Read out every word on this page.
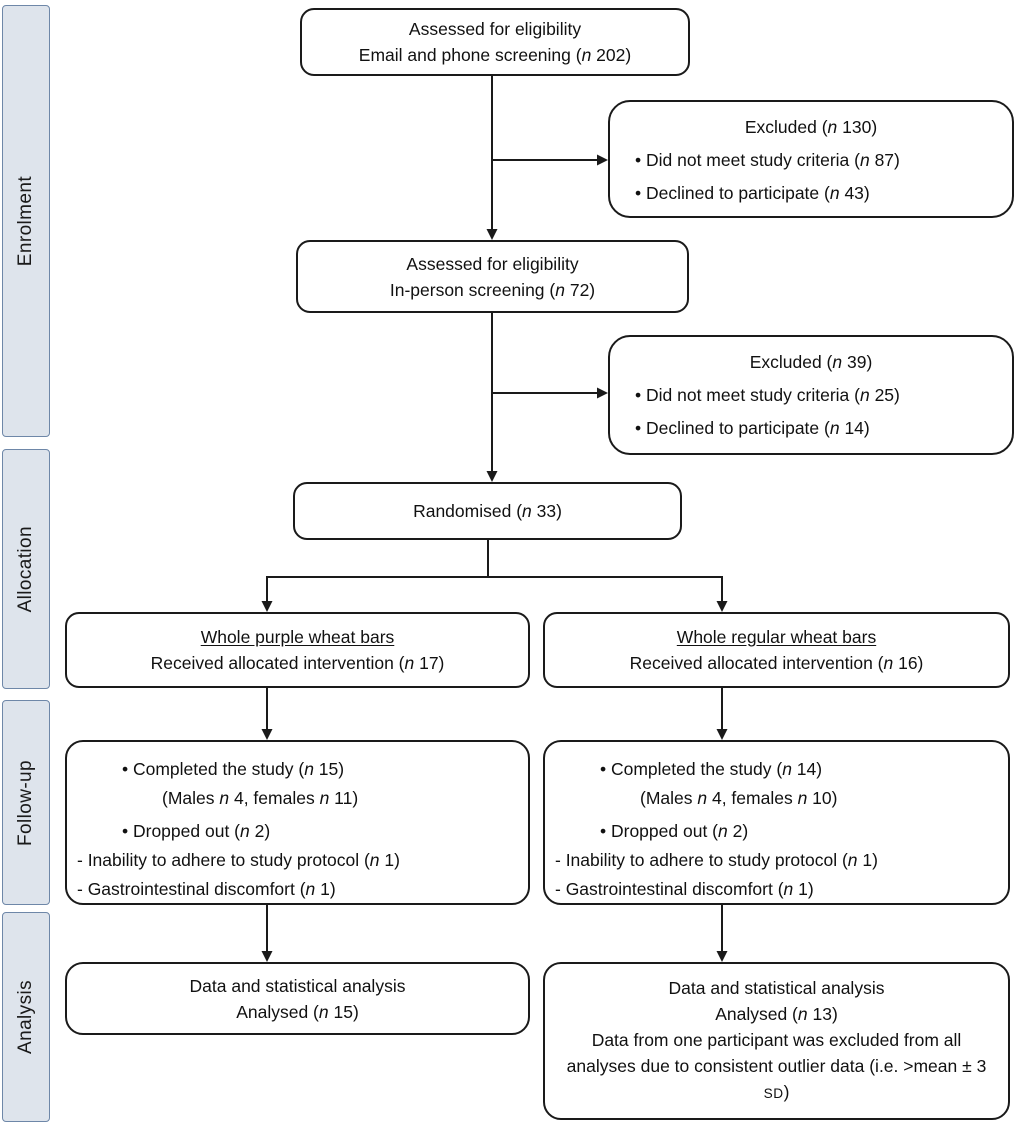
Enrolment
Allocation
Follow-up
Analysis
Assessed for eligibility
Email and phone screening (n 202)
Excluded (n 130)
• Did not meet study criteria (n 87)
• Declined to participate (n 43)
Assessed for eligibility
In-person screening (n 72)
Excluded (n 39)
• Did not meet study criteria (n 25)
• Declined to participate (n 14)
Randomised (n 33)
Whole purple wheat bars
Received allocated intervention (n 17)
Whole regular wheat bars
Received allocated intervention (n 16)
• Completed the study (n 15)
(Males n 4, females n 11)
• Dropped out (n 2)
- Inability to adhere to study protocol (n 1)
- Gastrointestinal discomfort (n 1)
• Completed the study (n 14)
(Males n 4, females n 10)
• Dropped out (n 2)
- Inability to adhere to study protocol (n 1)
- Gastrointestinal discomfort (n 1)
Data and statistical analysis
Analysed (n 15)
Data and statistical analysis
Analysed (n 13)
Data from one participant was excluded from all analyses due to consistent outlier data (i.e. >mean ± 3 SD)
